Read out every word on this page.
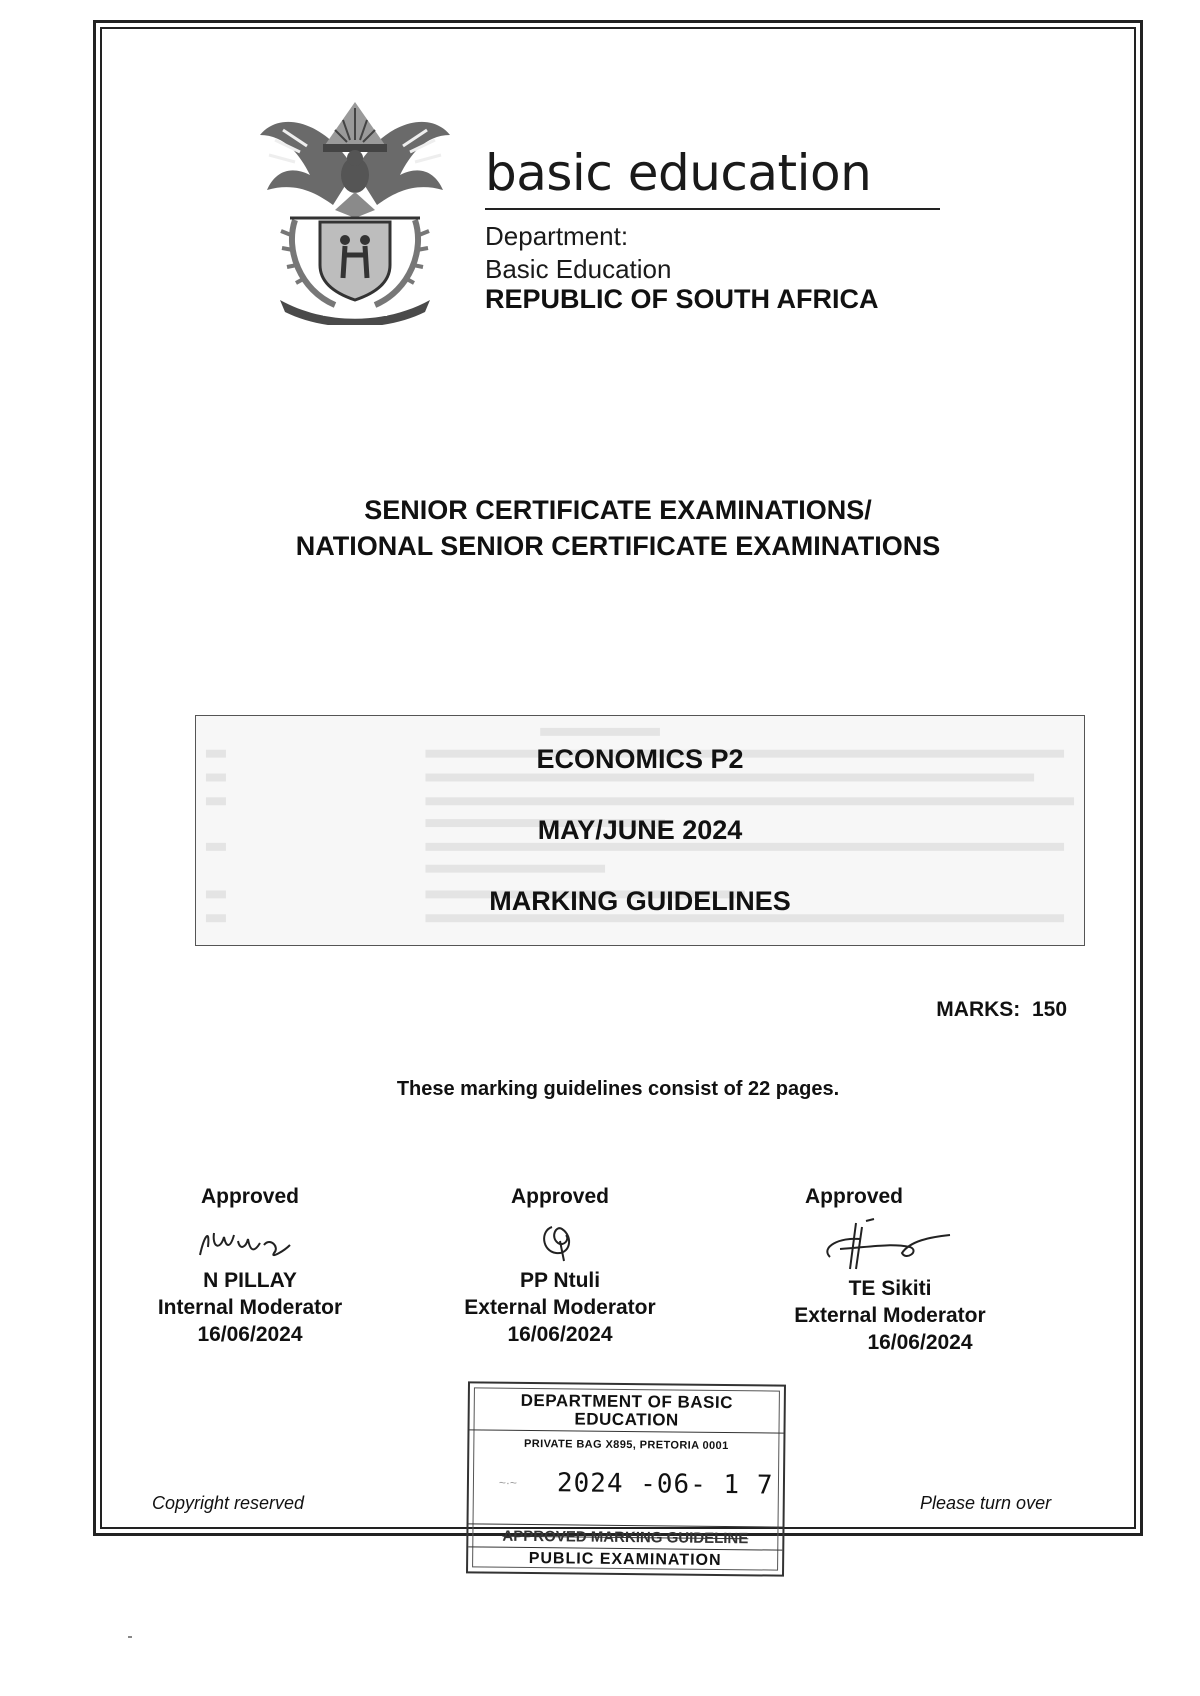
!KE E: /XARRA //KE
basic education
Department:
Basic Education
REPUBLIC OF SOUTH AFRICA
SENIOR CERTIFICATE EXAMINATIONS/
NATIONAL SENIOR CERTIFICATE EXAMINATIONS
ECONOMICS P2
MAY/JUNE 2024
MARKING GUIDELINES
MARKS:  150
These marking guidelines consist of 22 pages.
Approved
N PILLAY
Internal Moderator
16/06/2024
Approved
PP Ntuli
External Moderator
16/06/2024
Approved
TE Sikiti
External Moderator
16/06/2024
DEPARTMENT OF BASIC
EDUCATION
PRIVATE BAG X895, PRETORIA 0001
~·~	2024 -06- 1 7
APPROVED MARKING GUIDELINE
PUBLIC EXAMINATION
Copyright reserved	Please turn over
